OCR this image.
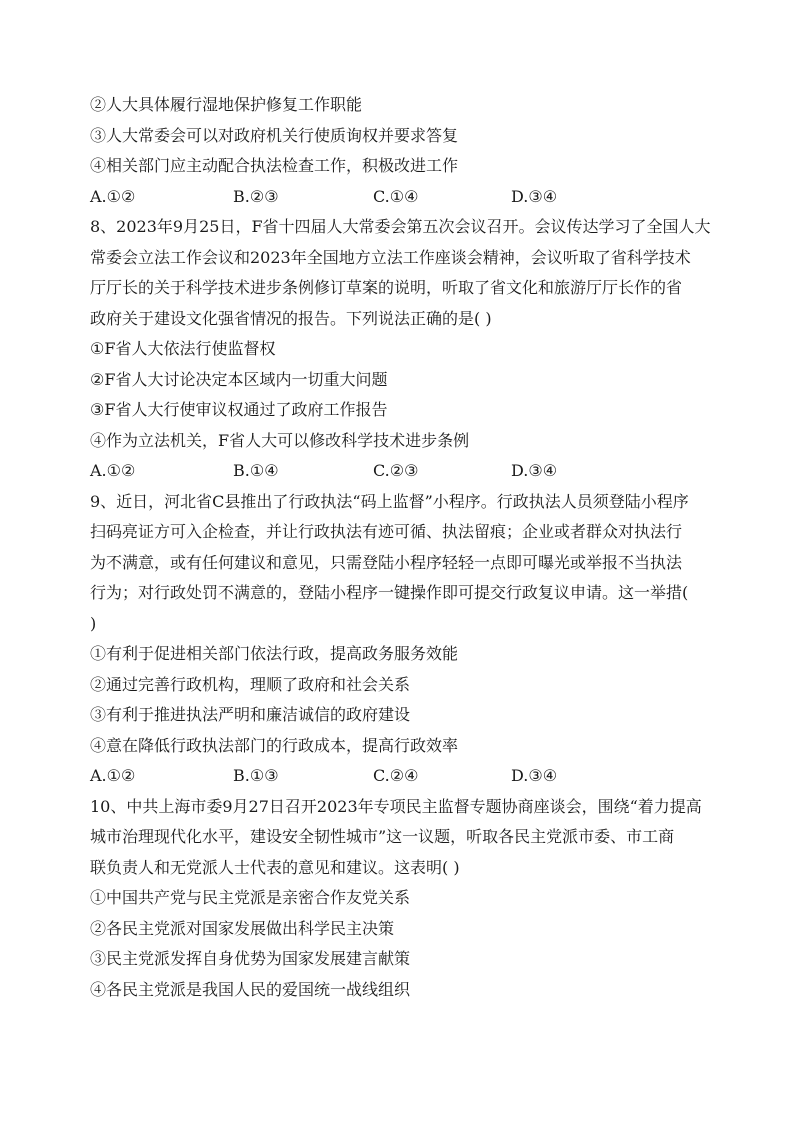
②人大具体履行湿地保护修复工作职能
③人大常委会可以对政府机关行使质询权并要求答复
④相关部门应主动配合执法检查工作，积极改进工作
A.①②	B.②③	C.①④	D.③④
8、2023年9月25日，F省十四届人大常委会第五次会议召开。会议传达学习了全国人大
常委会立法工作会议和2023年全国地方立法工作座谈会精神，会议听取了省科学技术
厅厅长的关于科学技术进步条例修订草案的说明，听取了省文化和旅游厅厅长作的省
政府关于建设文化强省情况的报告。下列说法正确的是( )
①F省人大依法行使监督权
②F省人大讨论决定本区域内一切重大问题
③F省人大行使审议权通过了政府工作报告
④作为立法机关，F省人大可以修改科学技术进步条例
A.①②	B.①④	C.②③	D.③④
9、近日，河北省C县推出了行政执法“码上监督”小程序。行政执法人员须登陆小程序
扫码亮证方可入企检查，并让行政执法有迹可循、执法留痕；企业或者群众对执法行
为不满意，或有任何建议和意见，只需登陆小程序轻轻一点即可曝光或举报不当执法
行为；对行政处罚不满意的，登陆小程序一键操作即可提交行政复议申请。这一举措(
)
①有利于促进相关部门依法行政，提高政务服务效能
②通过完善行政机构，理顺了政府和社会关系
③有利于推进执法严明和廉洁诚信的政府建设
④意在降低行政执法部门的行政成本，提高行政效率
A.①②	B.①③	C.②④	D.③④
10、中共上海市委9月27日召开2023年专项民主监督专题协商座谈会，围绕“着力提高
城市治理现代化水平，建设安全韧性城市”这一议题，听取各民主党派市委、市工商
联负责人和无党派人士代表的意见和建议。这表明( )
①中国共产党与民主党派是亲密合作友党关系
②各民主党派对国家发展做出科学民主决策
③民主党派发挥自身优势为国家发展建言献策
④各民主党派是我国人民的爱国统一战线组织
